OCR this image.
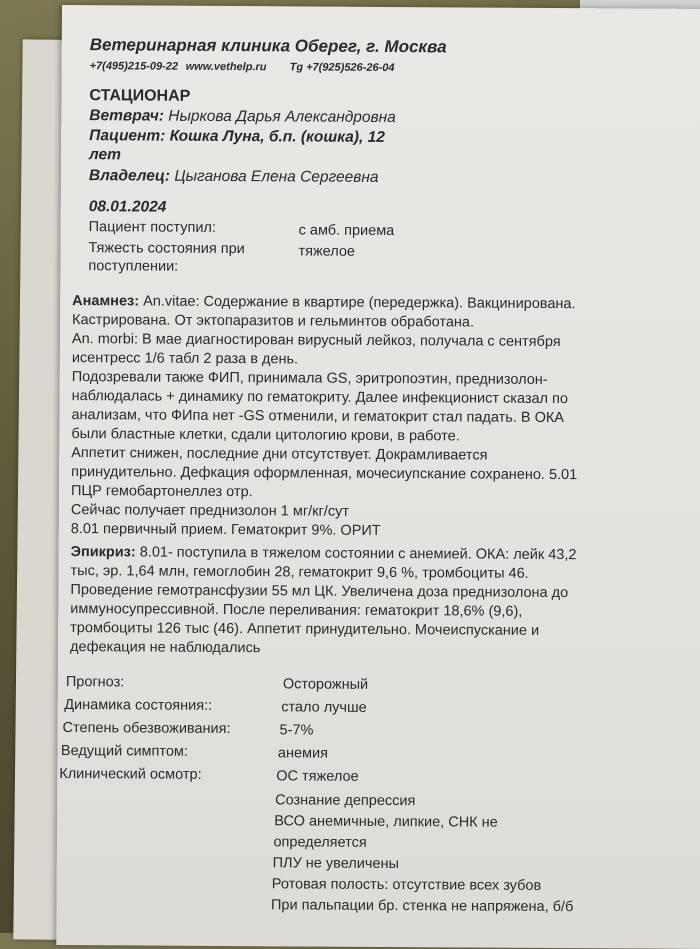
Ветеринарная клиника Оберег, г. Москва
+7(495)215-09-22 www.vethelp.ru Tg +7(925)526-26-04
СТАЦИОНАР
Ветврач: Ныркова Дарья Александровна
Пациент: Кошка Луна, б.п. (кошка), 12
лет
Владелец: Цыганова Елена Сергеевна
08.01.2024
Пациент поступил:	с амб. приема
Тяжесть состояния при
поступлении:
тяжелое
Анамнез: An.vitae: Содержание в квартире (передержка). Вакцинирована.
Кастрирована. От эктопаразитов и гельминтов обработана.
An. morbi: В мае диагностирован вирусный лейкоз, получала с сентября
исентресс 1/6 табл 2 раза в день.
Подозревали также ФИП, принимала GS, эритропоэтин, преднизолон-
наблюдалась + динамику по гематокриту. Далее инфекционист сказал по
анализам, что ФИпа нет -GS отменили, и гематокрит стал падать. В ОКА
были бластные клетки, сдали цитологию крови, в работе.
Аппетит снижен, последние дни отсутствует. Докрамливается
принудительно. Дефкация оформленная, мочесиупскание сохранено. 5.01
ПЦР гемобартонеллез отр.
Сейчас получает преднизолон 1 мг/кг/сут
8.01 первичный прием. Гематокрит 9%. ОРИТ
Эпикриз: 8.01- поступила в тяжелом состоянии с анемией. ОКА: лейк 43,2
тыс, эр. 1,64 млн, гемоглобин 28, гематокрит 9,6 %, тромбоциты 46.
Проведение гемотрансфузии 55 мл ЦК. Увеличена доза преднизолона до
иммуносупрессивной. После переливания: гематокрит 18,6% (9,6),
тромбоциты 126 тыс (46). Аппетит принудительно. Мочеиспускание и
дефекация не наблюдались
Прогноз:	Осторожный
Динамика состояния::	стало лучше
Степень обезвоживания:	5-7%
Ведущий симптом:	анемия
Клинический осмотр:	ОС тяжелое
Сознание депрессия
ВСО анемичные, липкие, СНК не
определяется
ПЛУ не увеличены
Ротовая полость: отсутствие всех зубов
При пальпации бр. стенка не напряжена, б/б
